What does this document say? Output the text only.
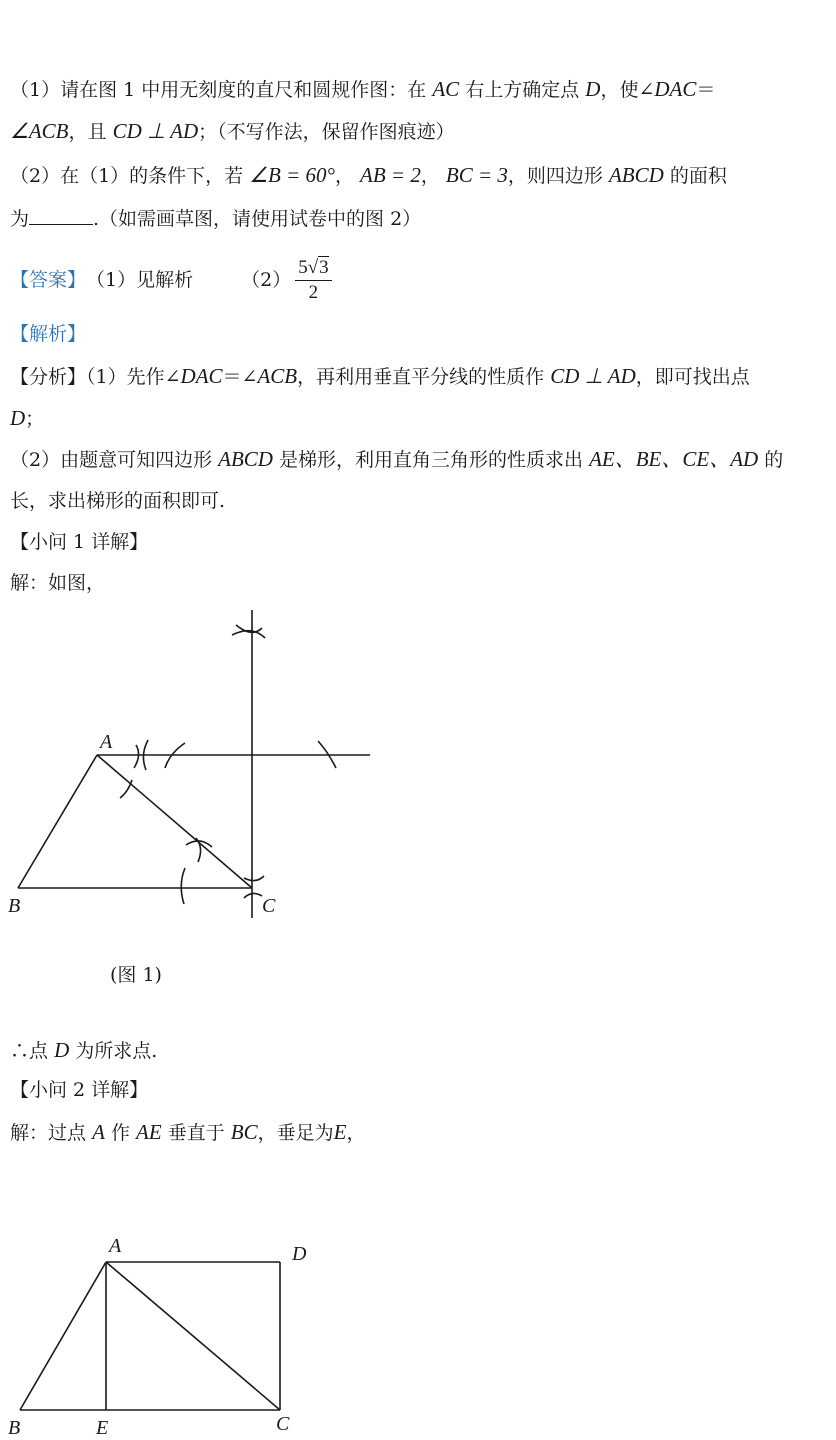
（1）请在图 1 中用无刻度的直尺和圆规作图：在 AC 右上方确定点 D，使∠DAC＝
∠ACB，且 CD ⊥ AD；（不写作法，保留作图痕迹）
（2）在（1）的条件下，若 ∠B = 60°， AB = 2， BC = 3，则四边形 ABCD 的面积
为	.（如需画草图，请使用试卷中的图 2）
【答案】 （1）见解析	$(2) \frac{5√3}{2}$
【解析】
【分析】（1）先作∠DAC＝∠ACB，再利用垂直平分线的性质作 CD ⊥ AD，即可找出点
D；
（2）由题意可知四边形 ABCD 是梯形，利用直角三角形的性质求出 AE、BE、CE、AD 的
长，求出梯形的面积即可.
【小问 1 详解】
解：如图，
A
B	C
(图 1)
∴点 D 为所求点.
【小问 2 详解】
解：过点 A 作 AE 垂直于 BC，垂足为E，
A	D
B	E	C
